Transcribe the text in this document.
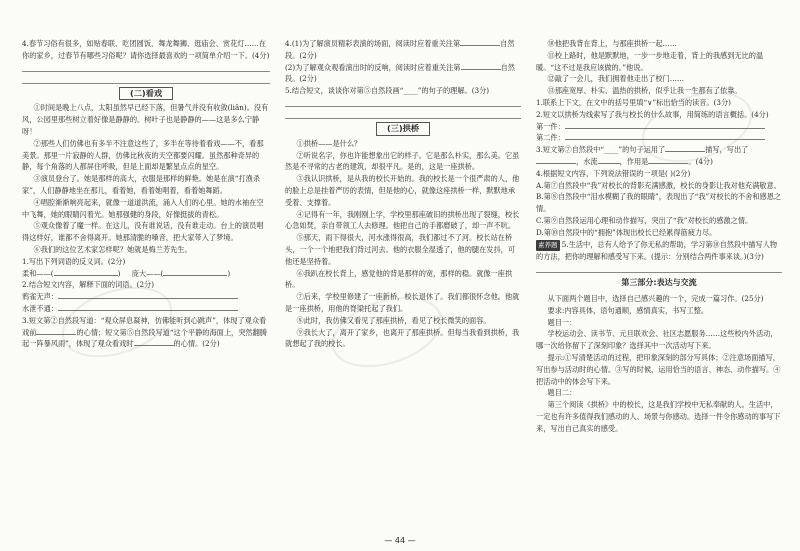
4.春节习俗有很多，如贴春联、吃团圆饭、舞龙舞狮、逛庙会、赏花灯……在你的家乡，过春节有哪些习俗呢？请你选择最喜欢的一项简单介绍一下。(4分)

(二)看戏

①时间是晚上八点，太阳虽然早已经下落，但暑气并没有收敛(liǎn)。没有风，公园里那些树立着好像是静静的。树叶子也是静静的——这是多么宁静呀！

②那些人们仿佛也有多半不注意这些了，多半在等待着看戏——不，看那美景。那里一片寂静的人群，仿佛比秋夜的天空都要闪耀。虽然那种奇异的静，每个角落的人都屏住呼吸，但是上面却是繁星点点的星空。

③演员登台了。她是那样的高大，衣服是那样的鲜艳。她是在演“打渔杀家”，人们静静地坐在那儿，看着她，看着她唱着，看着她舞蹈。

④唱腔渐渐响亮起来，就像一道道洪流，涌入人们的心里。她的水袖在空中飞舞，她的眼睛闪着光。她那强健的身段，好像挺拔的青松。

⑤观众像着了魔一样。在这儿，没有谁说话，没有谁走动。台上的演员唱得这样好，谁都不舍得离开。她那清脆的嗓音，把大家带入了梦境。

⑥我们的这位艺术家怎样呢？她就是梅兰芳先生。

1.写出下列词语的反义词。(2分)

柔和——(	)     庞大——(	)

2.结合短文内容，解释下面的词语。(2分)

鸦雀无声：

水泄不通：

3.短文第②自然段写道：“观众屏息凝神，仿佛能听到心跳声”，体现了观众看戏前	的心情；短文第⑤自然段写道“这个平静的海面上，突然翻腾起一阵暴风雨”，体现了观众看戏时	的心情。(2分)

4.(1)为了解演员精彩表演的场面，阅读时应着重关注第	自然段。(2分)

(2)为了解观众观看演出时的反响，阅读时应着重关注第	自然段。(2分)

5.结合短文，谈谈你对第⑤自然段画“____”的句子的理解。(3分)

(三)拱桥

①拱桥——是什么？

②听说名字，你也许能想象出它的样子。它是那么朴实，那么美。它虽然是不寻常的古老的建筑，却很平凡。是的，这是一座拱桥。

③我认识拱桥，是从我的校长开始的。我的校长是一个很严肃的人，他的脸上总是挂着严厉的表情，但是他的心，就像这座拱桥一样，默默地承受着、支撑着。

④记得有一年，我刚刚上学，学校里那座破旧的拱桥出现了裂缝，校长心急如焚，亲自带领工人去修理。他把自己的手都磨破了，却一声不吭。

⑤那天，雨下得很大，河水涨得很高，我们都过不了河。校长站在桥头，一个一个地把我们背过河去。他的衣服全湿透了，他的腿在发抖，可他还是坚持着。

⑥我趴在校长背上，感觉他的背是那样的宽，那样的稳。就像一座拱桥。

⑦后来，学校里修建了一座新桥，校长退休了。我们都很怀念他。他就是一座拱桥，用他的脊梁托起了我们。

⑧此时，我仿佛又看见了那座拱桥，看见了校长微笑的面容。

⑨我长大了，离开了家乡，也离开了那座拱桥。但每当我看到拱桥，我就想起了我的校长。

⑩他把我背在背上，与那座拱桥一起……

⑪校上路时，他是默默地，一步一步地走着，背上的我感到无比的温暖。“这不过是我应该做的。”他说。

⑫敲了一会儿，我们拥着他走出了校门……

⑬那座宽厚、朴实、温热的拱桥，似乎让我一生都有了依靠。

1.联系上下文，在文中的括号里填“∨”标出恰当的读音。(3分)

2.短文以拱桥为线索写了我与校长的什么故事，用简练的语言概括。(4分)

第一件：

第二件：

3.短文第⑦自然段中“____”的句子运用了	描写，写出了，水流	，作用是	。(4分)

4.根据短文内容，下列说法错误的一项是( )(2分)

A.第⑦自然段中“我”对校长的背影充满感激，校长的身影让我对他充满敬意。

B.第⑧自然段中“泪水模糊了我的眼睛”，表现出了“我”对校长的不舍和感恩之情。

C.第⑨自然段运用心理和动作描写，突出了“我”对校长的感激之情。

D.第⑩自然段中的“拥抱”体现出校长已经累得筋疲力尽。

素养题 5.生活中，总有人给予了你无私的帮助，学习第⑩自然段中描写人物的方法，把你的理解和感受写下来。(提示：分别结合两件事来谈。)(3分)

第三部分:表达与交流

从下面两个题目中，选择自己感兴趣的一个，完成一篇习作。(25分)

要求:内容具体，语句通顺，感情真实，书写工整。

题目一：

学校运动会、读书节、元旦联欢会、社区志愿服务……这些校内外活动，哪一次给你留下了深刻印象？选择其中一次活动写下来。

提示:①写清楚活动的过程，把印象深刻的部分写具体；②注意场面描写，写出参与活动时的心情。③写的时候，运用恰当的语言、神态、动作描写。④把活动中的体会写下来。

题目二：

第三个阅读《拱桥》中的校长，这是我们学校中无私奉献的人。生活中，一定也有许多值得我们感动的人、场景与你感动。选择一件令你感动的事写下来，写出自己真实的感受。

— 44 —
